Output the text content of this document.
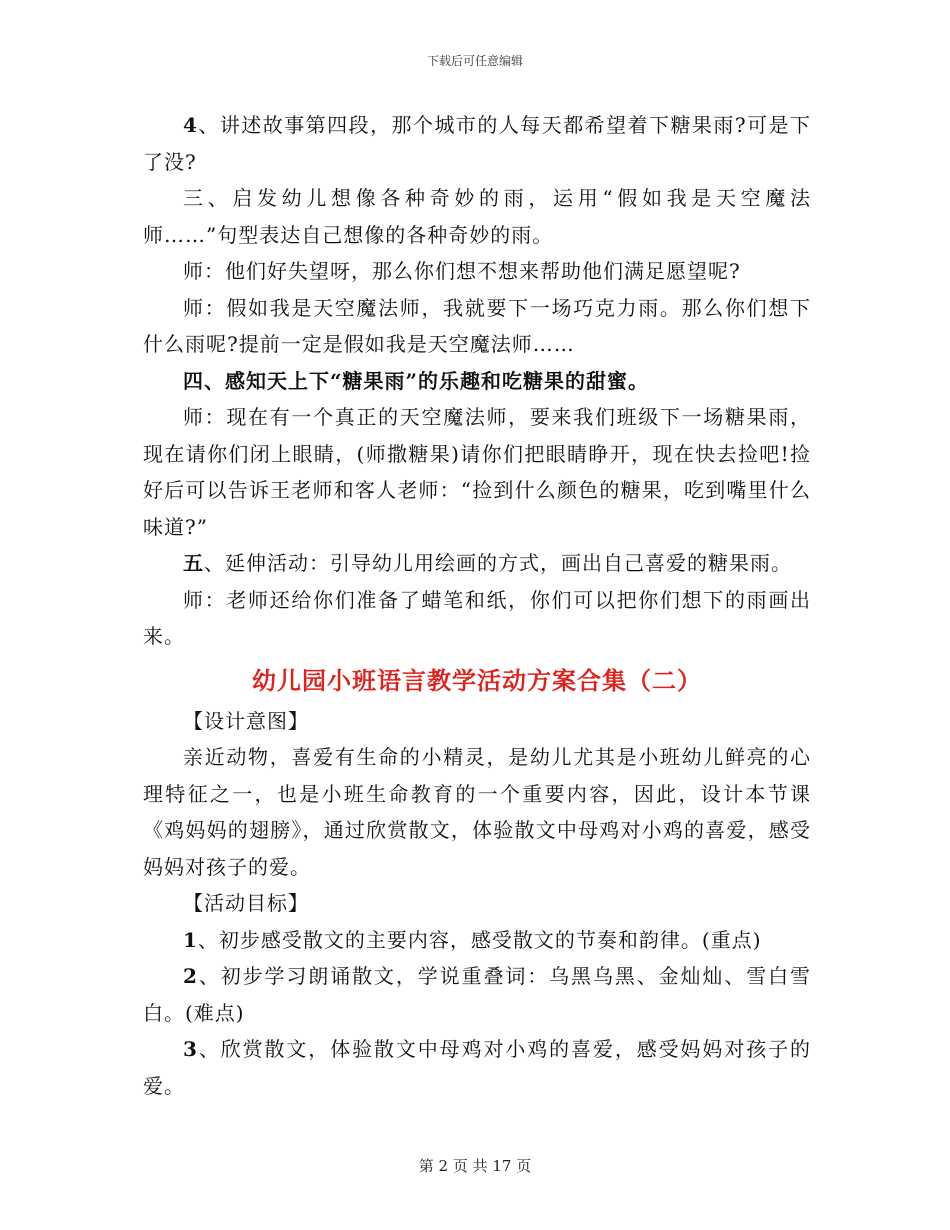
下载后可任意编辑

4、讲述故事第四段，那个城市的人每天都希望着下糖果雨?可是下了没?

三、启发幼儿想像各种奇妙的雨，运用“假如我是天空魔法师……”句型表达自己想像的各种奇妙的雨。

师：他们好失望呀，那么你们想不想来帮助他们满足愿望呢?

师：假如我是天空魔法师，我就要下一场巧克力雨。那么你们想下什么雨呢?提前一定是假如我是天空魔法师……

四、感知天上下“糖果雨”的乐趣和吃糖果的甜蜜。

师：现在有一个真正的天空魔法师，要来我们班级下一场糖果雨，现在请你们闭上眼睛，(师撒糖果)请你们把眼睛睁开，现在快去捡吧!捡好后可以告诉王老师和客人老师：“捡到什么颜色的糖果，吃到嘴里什么味道?”

五、延伸活动：引导幼儿用绘画的方式，画出自己喜爱的糖果雨。

师：老师还给你们准备了蜡笔和纸，你们可以把你们想下的雨画出来。

幼儿园小班语言教学活动方案合集（二）

【设计意图】

亲近动物，喜爱有生命的小精灵，是幼儿尤其是小班幼儿鲜亮的心理特征之一，也是小班生命教育的一个重要内容，因此，设计本节课《鸡妈妈的翅膀》，通过欣赏散文，体验散文中母鸡对小鸡的喜爱，感受妈妈对孩子的爱。

【活动目标】

1、初步感受散文的主要内容，感受散文的节奏和韵律。(重点)

2、初步学习朗诵散文，学说重叠词：乌黑乌黑、金灿灿、雪白雪白。(难点)

3、欣赏散文，体验散文中母鸡对小鸡的喜爱，感受妈妈对孩子的爱。

第 2 页 共 17 页
